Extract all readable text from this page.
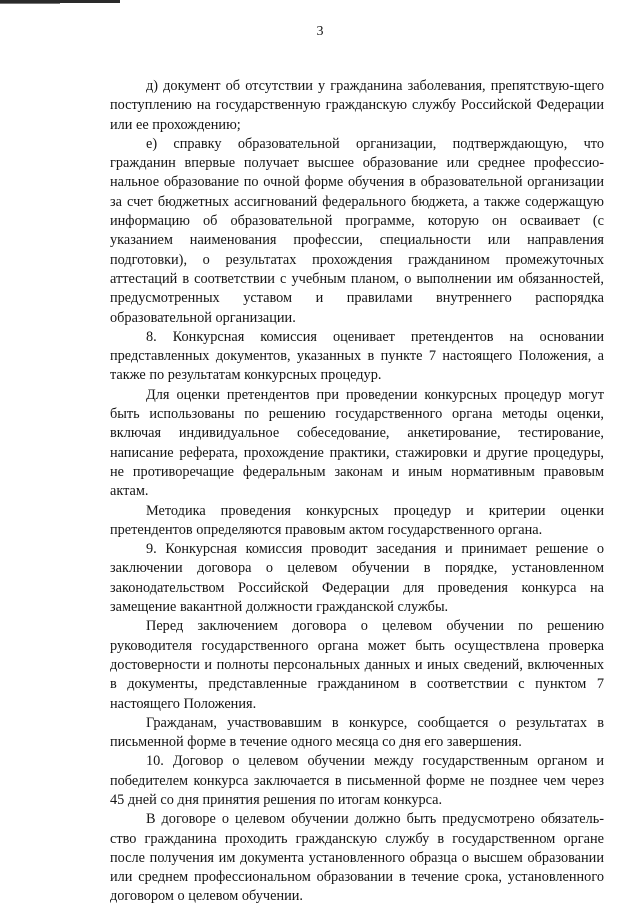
3

д) документ об отсутствии у гражданина заболевания, препятствую-щего поступлению на государственную гражданскую службу Российской Федерации или ее прохождению;

е) справку образовательной организации, подтверждающую, что гражданин впервые получает высшее образование или среднее профессио-нальное образование по очной форме обучения в образовательной организации за счет бюджетных ассигнований федерального бюджета, а также содержащую информацию об образовательной программе, которую он осваивает (с указанием наименования профессии, специальности или направления подготовки), о результатах прохождения гражданином промежуточных аттестаций в соответствии с учебным планом, о выполнении им обязанностей, предусмотренных уставом и правилами внутреннего распорядка образовательной организации.

8. Конкурсная комиссия оценивает претендентов на основании представленных документов, указанных в пункте 7 настоящего Положения, а также по результатам конкурсных процедур.

Для оценки претендентов при проведении конкурсных процедур могут быть использованы по решению государственного органа методы оценки, включая индивидуальное собеседование, анкетирование, тестирование, написание реферата, прохождение практики, стажировки и другие процедуры, не противоречащие федеральным законам и иным нормативным правовым актам.

Методика проведения конкурсных процедур и критерии оценки претендентов определяются правовым актом государственного органа.

9. Конкурсная комиссия проводит заседания и принимает решение о заключении договора о целевом обучении в порядке, установленном законодательством Российской Федерации для проведения конкурса на замещение вакантной должности гражданской службы.

Перед заключением договора о целевом обучении по решению руководителя государственного органа может быть осуществлена проверка достоверности и полноты персональных данных и иных сведений, включенных в документы, представленные гражданином в соответствии с пунктом 7 настоящего Положения.

Гражданам, участвовавшим в конкурсе, сообщается о результатах в письменной форме в течение одного месяца со дня его завершения.

10. Договор о целевом обучении между государственным органом и победителем конкурса заключается в письменной форме не позднее чем через 45 дней со дня принятия решения по итогам конкурса.

В договоре о целевом обучении должно быть предусмотрено обязатель-ство гражданина проходить гражданскую службу в государственном органе после получения им документа установленного образца о высшем образовании или среднем профессиональном образовании в течение срока, установленного договором о целевом обучении.
